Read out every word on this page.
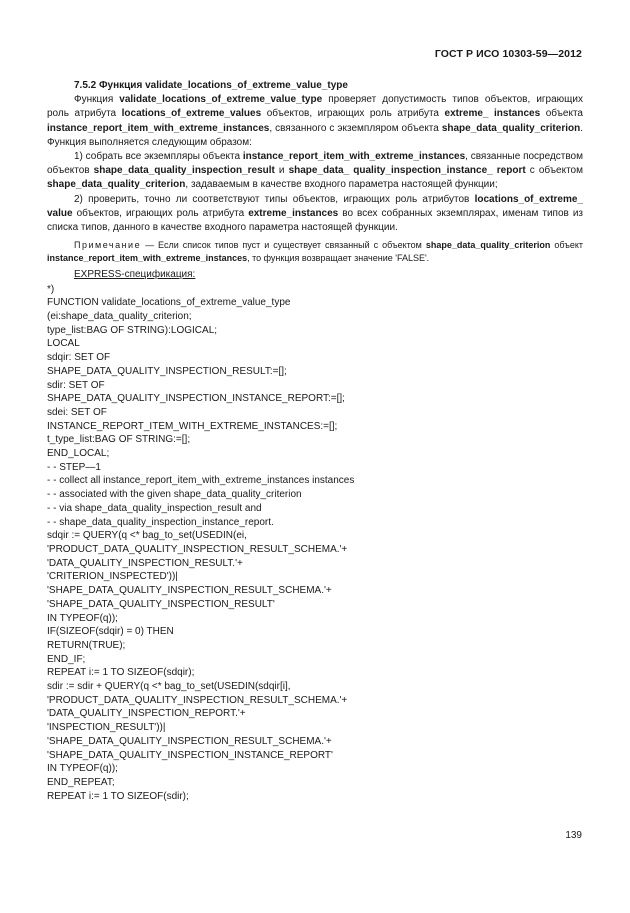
ГОСТ Р ИСО 10303-59—2012
7.5.2 Функция validate_locations_of_extreme_value_type

Функция validate_locations_of_extreme_value_type проверяет допустимость типов объектов, играющих роль атрибута locations_of_extreme_values объектов, играющих роль атрибута extreme_ instances объекта instance_report_item_with_extreme_instances, связанного с экземпляром объекта shape_data_quality_criterion. Функция выполняется следующим образом:

1) собрать все экземпляры объекта instance_report_item_with_extreme_instances, связанные посредством объектов shape_data_quality_inspection_result и shape_data_ quality_inspection_instance_ report с объектом shape_data_quality_criterion, задаваемым в качестве входного параметра настоящей функции;

2) проверить, точно ли соответствуют типы объектов, играющих роль атрибутов locations_of_extreme_ value объектов, играющих роль атрибута extreme_instances во всех собранных экземплярах, именам типов из списка типов, данного в качестве входного параметра настоящей функции.

Примечание — Если список типов пуст и существует связанный с объектом shape_data_quality_criterion объект instance_report_item_with_extreme_instances, то функция возвращает значение 'FALSE'.
EXPRESS-спецификация:
*)
FUNCTION validate_locations_of_extreme_value_type
(ei:shape_data_quality_criterion;
type_list:BAG OF STRING):LOGICAL;
LOCAL
sdqir: SET OF
SHAPE_DATA_QUALITY_INSPECTION_RESULT:=[];
sdir: SET OF
SHAPE_DATA_QUALITY_INSPECTION_INSTANCE_REPORT:=[];
sdei: SET OF
INSTANCE_REPORT_ITEM_WITH_EXTREME_INSTANCES:=[];
t_type_list:BAG OF STRING:=[];
END_LOCAL;
- - STEP—1
- - collect all instance_report_item_with_extreme_instances instances
- - associated with the given shape_data_quality_criterion
- - via shape_data_quality_inspection_result and
- - shape_data_quality_inspection_instance_report.
sdqir := QUERY(q <* bag_to_set(USEDIN(ei,
'PRODUCT_DATA_QUALITY_INSPECTION_RESULT_SCHEMA.'+
'DATA_QUALITY_INSPECTION_RESULT.'+
'CRITERION_INSPECTED'))|
'SHAPE_DATA_QUALITY_INSPECTION_RESULT_SCHEMA.'+
'SHAPE_DATA_QUALITY_INSPECTION_RESULT'
IN TYPEOF(q));
IF(SIZEOF(sdqir) = 0) THEN
RETURN(TRUE);
END_IF;
REPEAT i:= 1 TO SIZEOF(sdqir);
sdir := sdir + QUERY(q <* bag_to_set(USEDIN(sdqir[i],
'PRODUCT_DATA_QUALITY_INSPECTION_RESULT_SCHEMA.'+
'DATA_QUALITY_INSPECTION_REPORT.'+
'INSPECTION_RESULT'))|
'SHAPE_DATA_QUALITY_INSPECTION_RESULT_SCHEMA.'+
'SHAPE_DATA_QUALITY_INSPECTION_INSTANCE_REPORT'
IN TYPEOF(q));
END_REPEAT;
REPEAT i:= 1 TO SIZEOF(sdir);
139
